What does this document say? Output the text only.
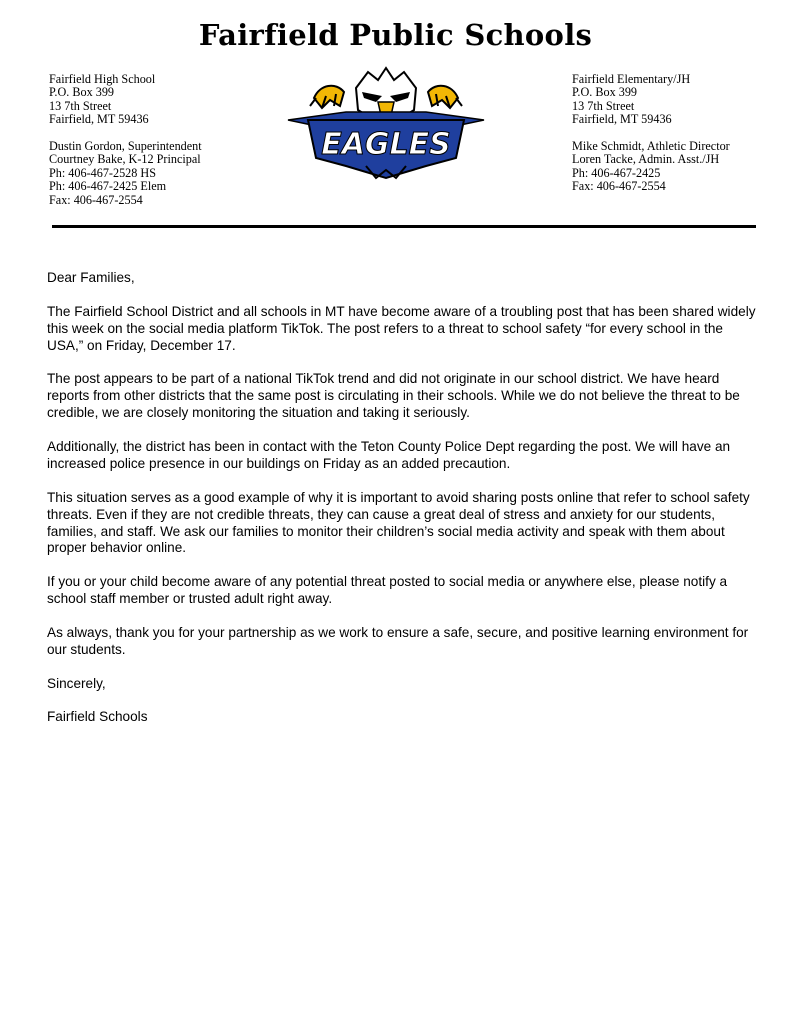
Fairfield Public Schools
Fairfield High School
P.O. Box 399
13 7th Street
Fairfield, MT 59436
Dustin Gordon, Superintendent
Courtney Bake, K-12 Principal
Ph: 406-467-2528 HS
Ph: 406-467-2425 Elem
Fax: 406-467-2554
EAGLES
Fairfield Elementary/JH
P.O. Box 399
13 7th Street
Fairfield, MT 59436
Mike Schmidt, Athletic Director
Loren Tacke, Admin. Asst./JH
Ph: 406-467-2425
Fax: 406-467-2554

Dear Families,

The Fairfield School District and all schools in MT have become aware of a troubling post that has been shared widely this week on the social media platform TikTok. The post refers to a threat to school safety “for every school in the USA,” on Friday, December 17.

The post appears to be part of a national TikTok trend and did not originate in our school district. We have heard reports from other districts that the same post is circulating in their schools. While we do not believe the threat to be credible, we are closely monitoring the situation and taking it seriously.

Additionally, the district has been in contact with the Teton County Police Dept regarding the post. We will have an increased police presence in our buildings on Friday as an added precaution.

This situation serves as a good example of why it is important to avoid sharing posts online that refer to school safety threats. Even if they are not credible threats, they can cause a great deal of stress and anxiety for our students, families, and staff. We ask our families to monitor their children’s social media activity and speak with them about proper behavior online.

If you or your child become aware of any potential threat posted to social media or anywhere else, please notify a school staff member or trusted adult right away.

As always, thank you for your partnership as we work to ensure a safe, secure, and positive learning environment for our students.

Sincerely,

Fairfield Schools
